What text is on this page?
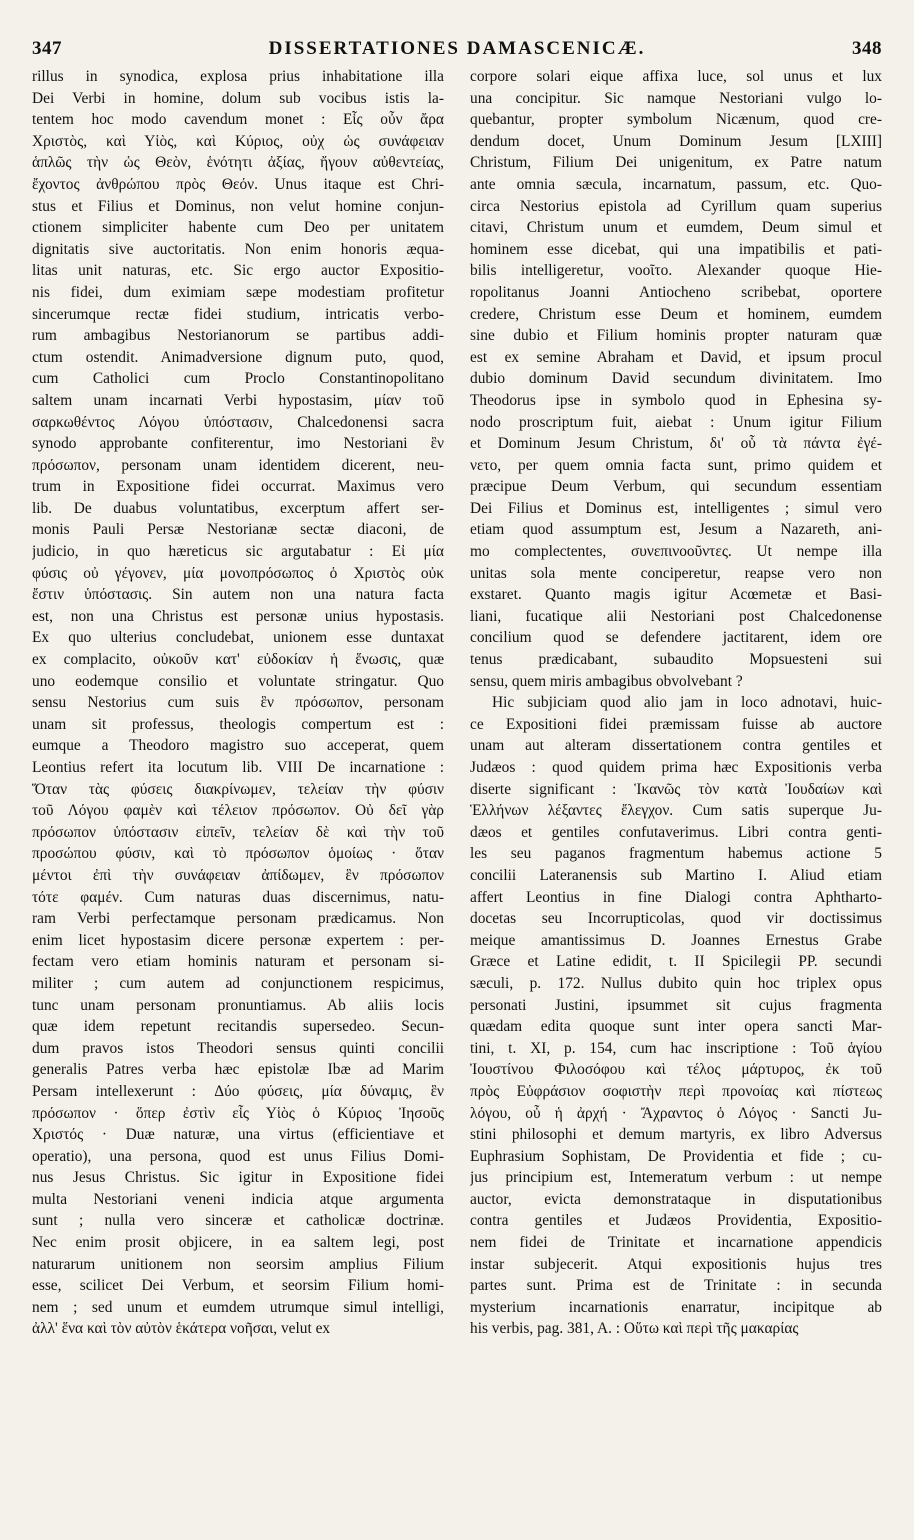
347	DISSERTATIONES DAMASCENICÆ.	348
rillus in synodica, explosa prius inhabitatione illa
Dei Verbi in homine, dolum sub vocibus istis la-
tentem hoc modo cavendum monet : Εἷς οὖν ἄρα
Χριστὸς, καὶ Υἱὸς, καὶ Κύριος, οὐχ ὡς συνάφειαν
ἁπλῶς τὴν ὡς Θεὸν, ἑνότητι ἀξίας, ἤγουν αὐθεντείας,
ἔχοντος ἀνθρώπου πρὸς Θεόν. Unus itaque est Chri-
stus et Filius et Dominus, non velut homine conjun-
ctionem simpliciter habente cum Deo per unitatem
dignitatis sive auctoritatis. Non enim honoris æqua-
litas unit naturas, etc. Sic ergo auctor Expositio-
nis fidei, dum eximiam sæpe modestiam profitetur
sincerumque rectæ fidei studium, intricatis verbo-
rum ambagibus Nestorianorum se partibus addi-
ctum ostendit. Animadversione dignum puto, quod,
cum Catholici cum Proclo Constantinopolitano
saltem unam incarnati Verbi hypostasim, μίαν τοῦ
σαρκωθέντος Λόγου ὑπόστασιν, Chalcedonensi sacra
synodo approbante confiterentur, imo Nestoriani ἓν
πρόσωπον, personam unam identidem dicerent, neu-
trum in Expositione fidei occurrat. Maximus vero
lib. De duabus voluntatibus, excerptum affert ser-
monis Pauli Persæ Nestorianæ sectæ diaconi, de
judicio, in quo hæreticus sic argutabatur : Εἰ μία
φύσις οὐ γέγονεν, μία μονοπρόσωπος ὁ Χριστὸς οὐκ
ἔστιν ὑπόστασις. Sin autem non una natura facta
est, non una Christus est personæ unius hypostasis.
Ex quo ulterius concludebat, unionem esse duntaxat
ex complacito, οὐκοῦν κατ' εὐδοκίαν ἡ ἕνωσις, quæ
uno eodemque consilio et voluntate stringatur. Quo
sensu Nestorius cum suis ἓν πρόσωπον, personam
unam sit professus, theologis compertum est :
eumque a Theodoro magistro suo acceperat, quem
Leontius refert ita locutum lib. VIII De incarnatione :
Ὅταν τὰς φύσεις διακρίνωμεν, τελείαν τὴν φύσιν
τοῦ Λόγου φαμὲν καὶ τέλειον πρόσωπον. Οὐ δεῖ γὰρ
πρόσωπον ὑπόστασιν εἰπεῖν, τελείαν δὲ καὶ τὴν τοῦ
προσώπου φύσιν, καὶ τὸ πρόσωπον ὁμοίως · ὅταν
μέντοι ἐπὶ τὴν συνάφειαν ἀπίδωμεν, ἓν πρόσωπον
τότε φαμέν. Cum naturas duas discernimus, natu-
ram Verbi perfectamque personam prædicamus. Non
enim licet hypostasim dicere personæ expertem : per-
fectam vero etiam hominis naturam et personam si-
militer ; cum autem ad conjunctionem respicimus,
tunc unam personam pronuntiamus. Ab aliis locis
quæ idem repetunt recitandis supersedeo. Secun-
dum pravos istos Theodori sensus quinti concilii
generalis Patres verba hæc epistolæ Ibæ ad Marim
Persam intellexerunt : Δύο φύσεις, μία δύναμις, ἓν
πρόσωπον · ὅπερ ἐστὶν εἷς Υἱὸς ὁ Κύριος Ἰησοῦς
Χριστός · Duæ naturæ, una virtus (efficientiave et
operatio), una persona, quod est unus Filius Domi-
nus Jesus Christus. Sic igitur in Expositione fidei
multa Nestoriani veneni indicia atque argumenta
sunt ; nulla vero sinceræ et catholicæ doctrinæ.
Nec enim prosit objicere, in ea saltem legi, post
naturarum unitionem non seorsim amplius Filium
esse, scilicet Dei Verbum, et seorsim Filium homi-
nem ; sed unum et eumdem utrumque simul intelligi,
ἀλλ' ἕνα καὶ τὸν αὐτὸν ἑκάτερα νοῆσαι, velut ex
corpore solari eique affixa luce, sol unus et lux
una concipitur. Sic namque Nestoriani vulgo lo-
quebantur, propter symbolum Nicænum, quod cre-
dendum docet, Unum Dominum Jesum [LXIII]
Christum, Filium Dei unigenitum, ex Patre natum
ante omnia sæcula, incarnatum, passum, etc. Quo-
circa Nestorius epistola ad Cyrillum quam superius
citavi, Christum unum et eumdem, Deum simul et
hominem esse dicebat, qui una impatibilis et pati-
bilis intelligeretur, νοοῖτο. Alexander quoque Hie-
ropolitanus Joanni Antiocheno scribebat, oportere
credere, Christum esse Deum et hominem, eumdem
sine dubio et Filium hominis propter naturam quæ
est ex semine Abraham et David, et ipsum procul
dubio dominum David secundum divinitatem. Imo
Theodorus ipse in symbolo quod in Ephesina sy-
nodo proscriptum fuit, aiebat : Unum igitur Filium
et Dominum Jesum Christum, δι' οὗ τὰ πάντα ἐγέ-
νετο, per quem omnia facta sunt, primo quidem et
præcipue Deum Verbum, qui secundum essentiam
Dei Filius et Dominus est, intelligentes ; simul vero
etiam quod assumptum est, Jesum a Nazareth, ani-
mo complectentes, συνεπινοοῦντες. Ut nempe illa
unitas sola mente conciperetur, reapse vero non
exstaret. Quanto magis igitur Acœmetæ et Basi-
liani, fucatique alii Nestoriani post Chalcedonense
concilium quod se defendere jactitarent, idem ore
tenus prædicabant, subaudito Mopsuesteni sui
sensu, quem miris ambagibus obvolvebant ?
Hic subjiciam quod alio jam in loco adnotavi, huic-
ce Expositioni fidei præmissam fuisse ab auctore
unam aut alteram dissertationem contra gentiles et
Judæos : quod quidem prima hæc Expositionis verba
diserte significant : Ἱκανῶς τὸν κατὰ Ἰουδαίων καὶ
Ἑλλήνων λέξαντες ἔλεγχον. Cum satis superque Ju-
dæos et gentiles confutaverimus. Libri contra genti-
les seu paganos fragmentum habemus actione 5
concilii Lateranensis sub Martino I. Aliud etiam
affert Leontius in fine Dialogi contra Aphtharto-
docetas seu Incorrupticolas, quod vir doctissimus
meique amantissimus D. Joannes Ernestus Grabe
Græce et Latine edidit, t. II Spicilegii PP. secundi
sæculi, p. 172. Nullus dubito quin hoc triplex opus
personati Justini, ipsummet sit cujus fragmenta
quædam edita quoque sunt inter opera sancti Mar-
tini, t. XI, p. 154, cum hac inscriptione : Τοῦ ἁγίου
Ἰουστίνου Φιλοσόφου καὶ τέλος μάρτυρος, ἐκ τοῦ
πρὸς Εὐφράσιον σοφιστὴν περὶ προνοίας καὶ πίστεως
λόγου, οὗ ἡ ἀρχή · Ἄχραντος ὁ Λόγος · Sancti Ju-
stini philosophi et demum martyris, ex libro Adversus
Euphrasium Sophistam, De Providentia et fide ; cu-
jus principium est, Intemeratum verbum : ut nempe
auctor, evicta demonstrataque in disputationibus
contra gentiles et Judæos Providentia, Expositio-
nem fidei de Trinitate et incarnatione appendicis
instar subjecerit. Atqui expositionis hujus tres
partes sunt. Prima est de Trinitate : in secunda
mysterium incarnationis enarratur, incipitque ab
his verbis, pag. 381, A. : Οὕτω καὶ περὶ τῆς μακαρίας
